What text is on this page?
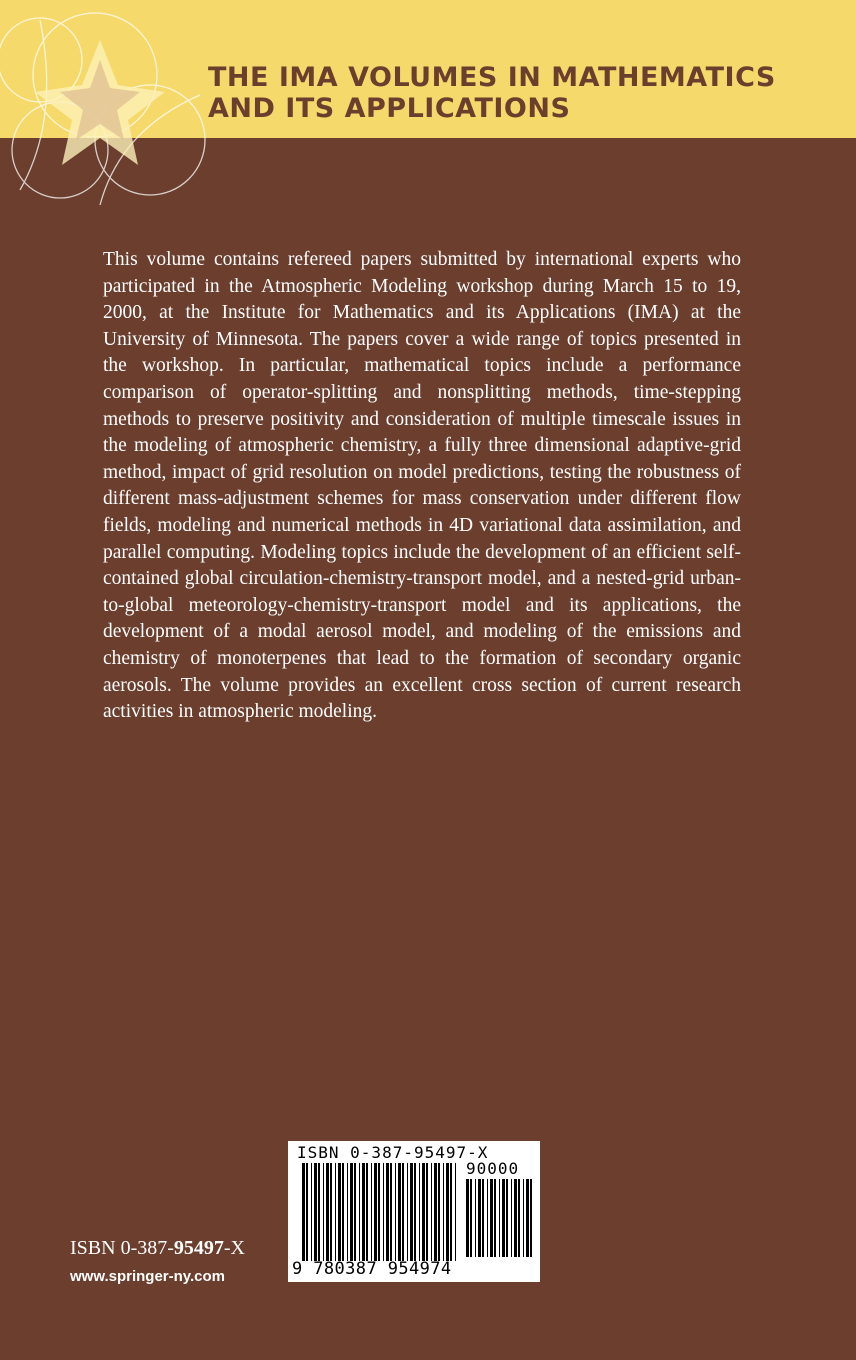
THE IMA VOLUMES IN MATHEMATICS
AND ITS APPLICATIONS

This volume contains refereed papers submitted by international experts who participated in the Atmospheric Modeling workshop during March 15 to 19, 2000, at the Institute for Mathematics and its Applications (IMA) at the University of Minnesota. The papers cover a wide range of topics presented in the workshop. In particular, mathematical topics include a performance comparison of operator-splitting and nonsplitting methods, time-stepping methods to preserve positivity and consideration of multiple timescale issues in the modeling of atmospheric chemistry, a fully three dimensional adaptive-grid method, impact of grid resolution on model predictions, testing the robustness of different mass-adjustment schemes for mass conservation under different flow fields, modeling and numerical methods in 4D variational data assimilation, and parallel computing. Modeling topics include the development of an efficient self-contained global circulation-chemistry-transport model, and a nested-grid urban-to-global meteorology-chemistry-transport model and its applications, the development of a modal aerosol model, and modeling of the emissions and chemistry of monoterpenes that lead to the formation of secondary organic aerosols. The volume provides an excellent cross section of current research activities in atmospheric modeling.

ISBN 0-387-95497-X
90000
9 780387 954974
ISBN 0-387-95497-X
www.springer-ny.com
